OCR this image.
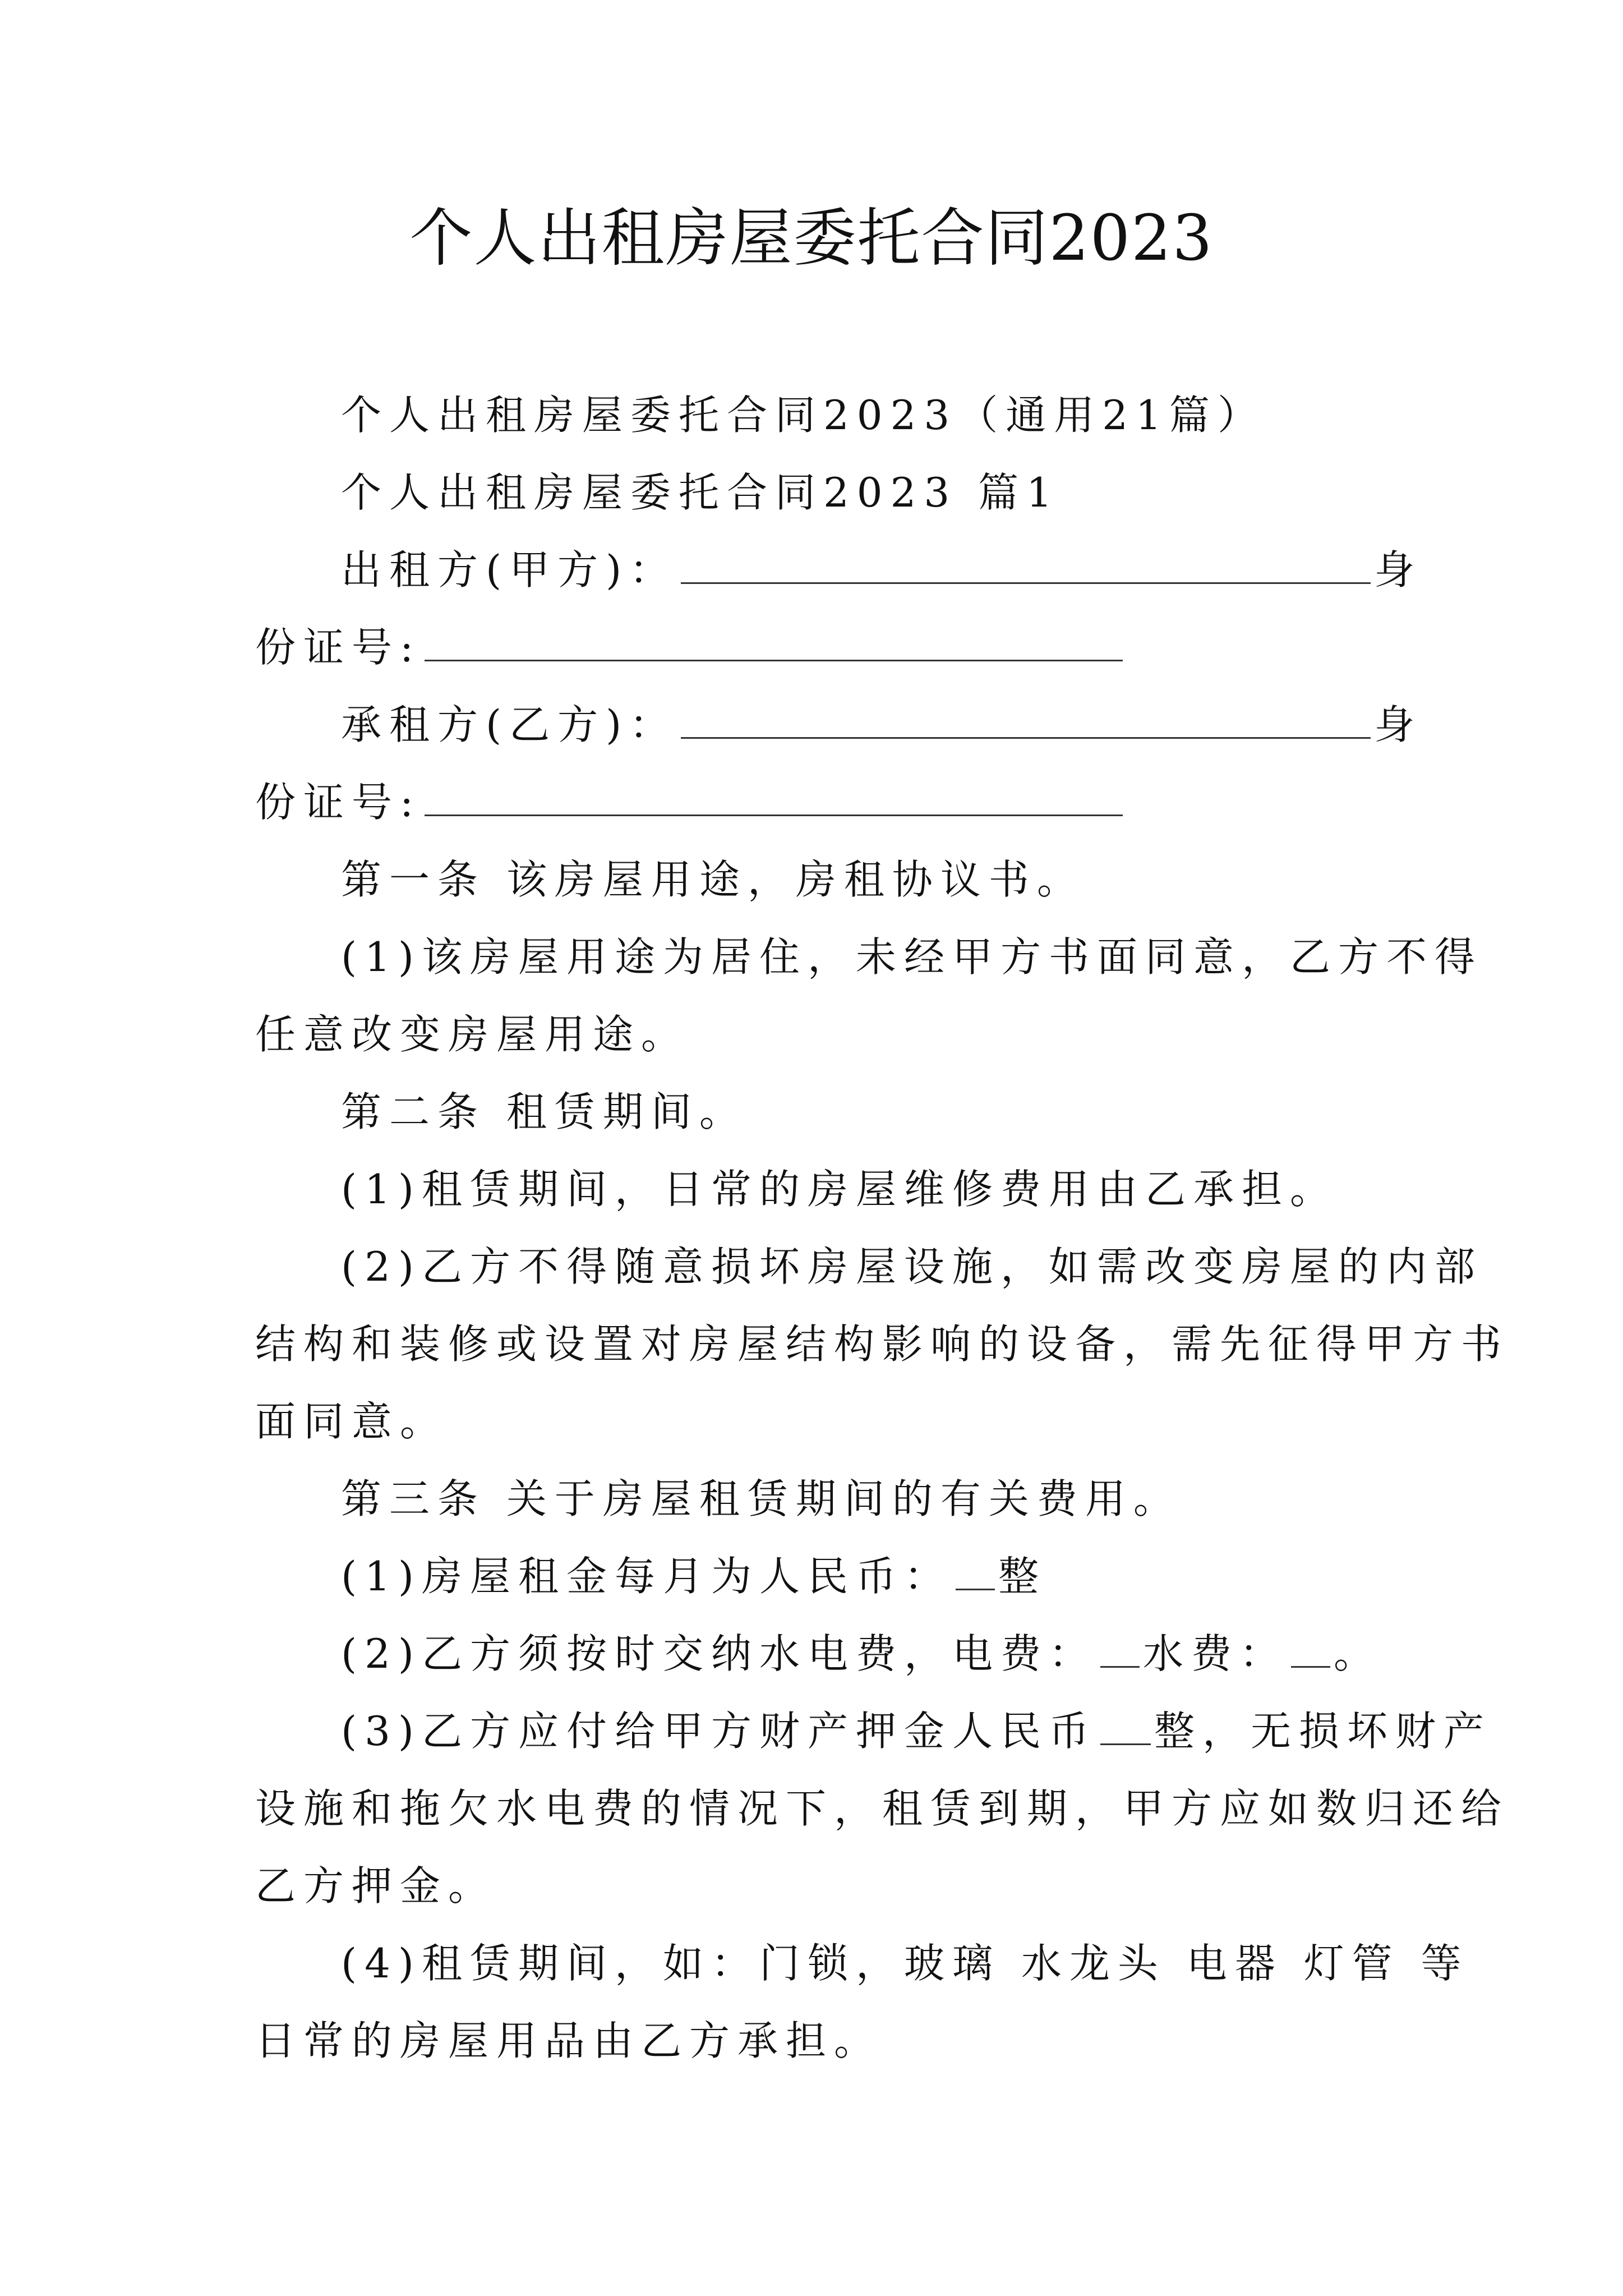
个人出租房屋委托合同2023
个人出租房屋委托合同2023（通用21篇）
个人出租房屋委托合同2023 篇1
出租方(甲方)：	身
份证号:
承租方(乙方)：	身
份证号:
第一条 该房屋用途，房租协议书。
(1)该房屋用途为居住，未经甲方书面同意，乙方不得
任意改变房屋用途。
第二条 租赁期间。
(1)租赁期间，日常的房屋维修费用由乙承担。
(2)乙方不得随意损坏房屋设施，如需改变房屋的内部
结构和装修或设置对房屋结构影响的设备，需先征得甲方书
面同意。
第三条 关于房屋租赁期间的有关费用。
(1)房屋租金每月为人民币： 整
(2)乙方须按时交纳水电费，电费： 水费： 。
(3)乙方应付给甲方财产押金人民币 整，无损坏财产
设施和拖欠水电费的情况下，租赁到期，甲方应如数归还给
乙方押金。
(4)租赁期间，如：门锁，玻璃 水龙头 电器 灯管 等
日常的房屋用品由乙方承担。
